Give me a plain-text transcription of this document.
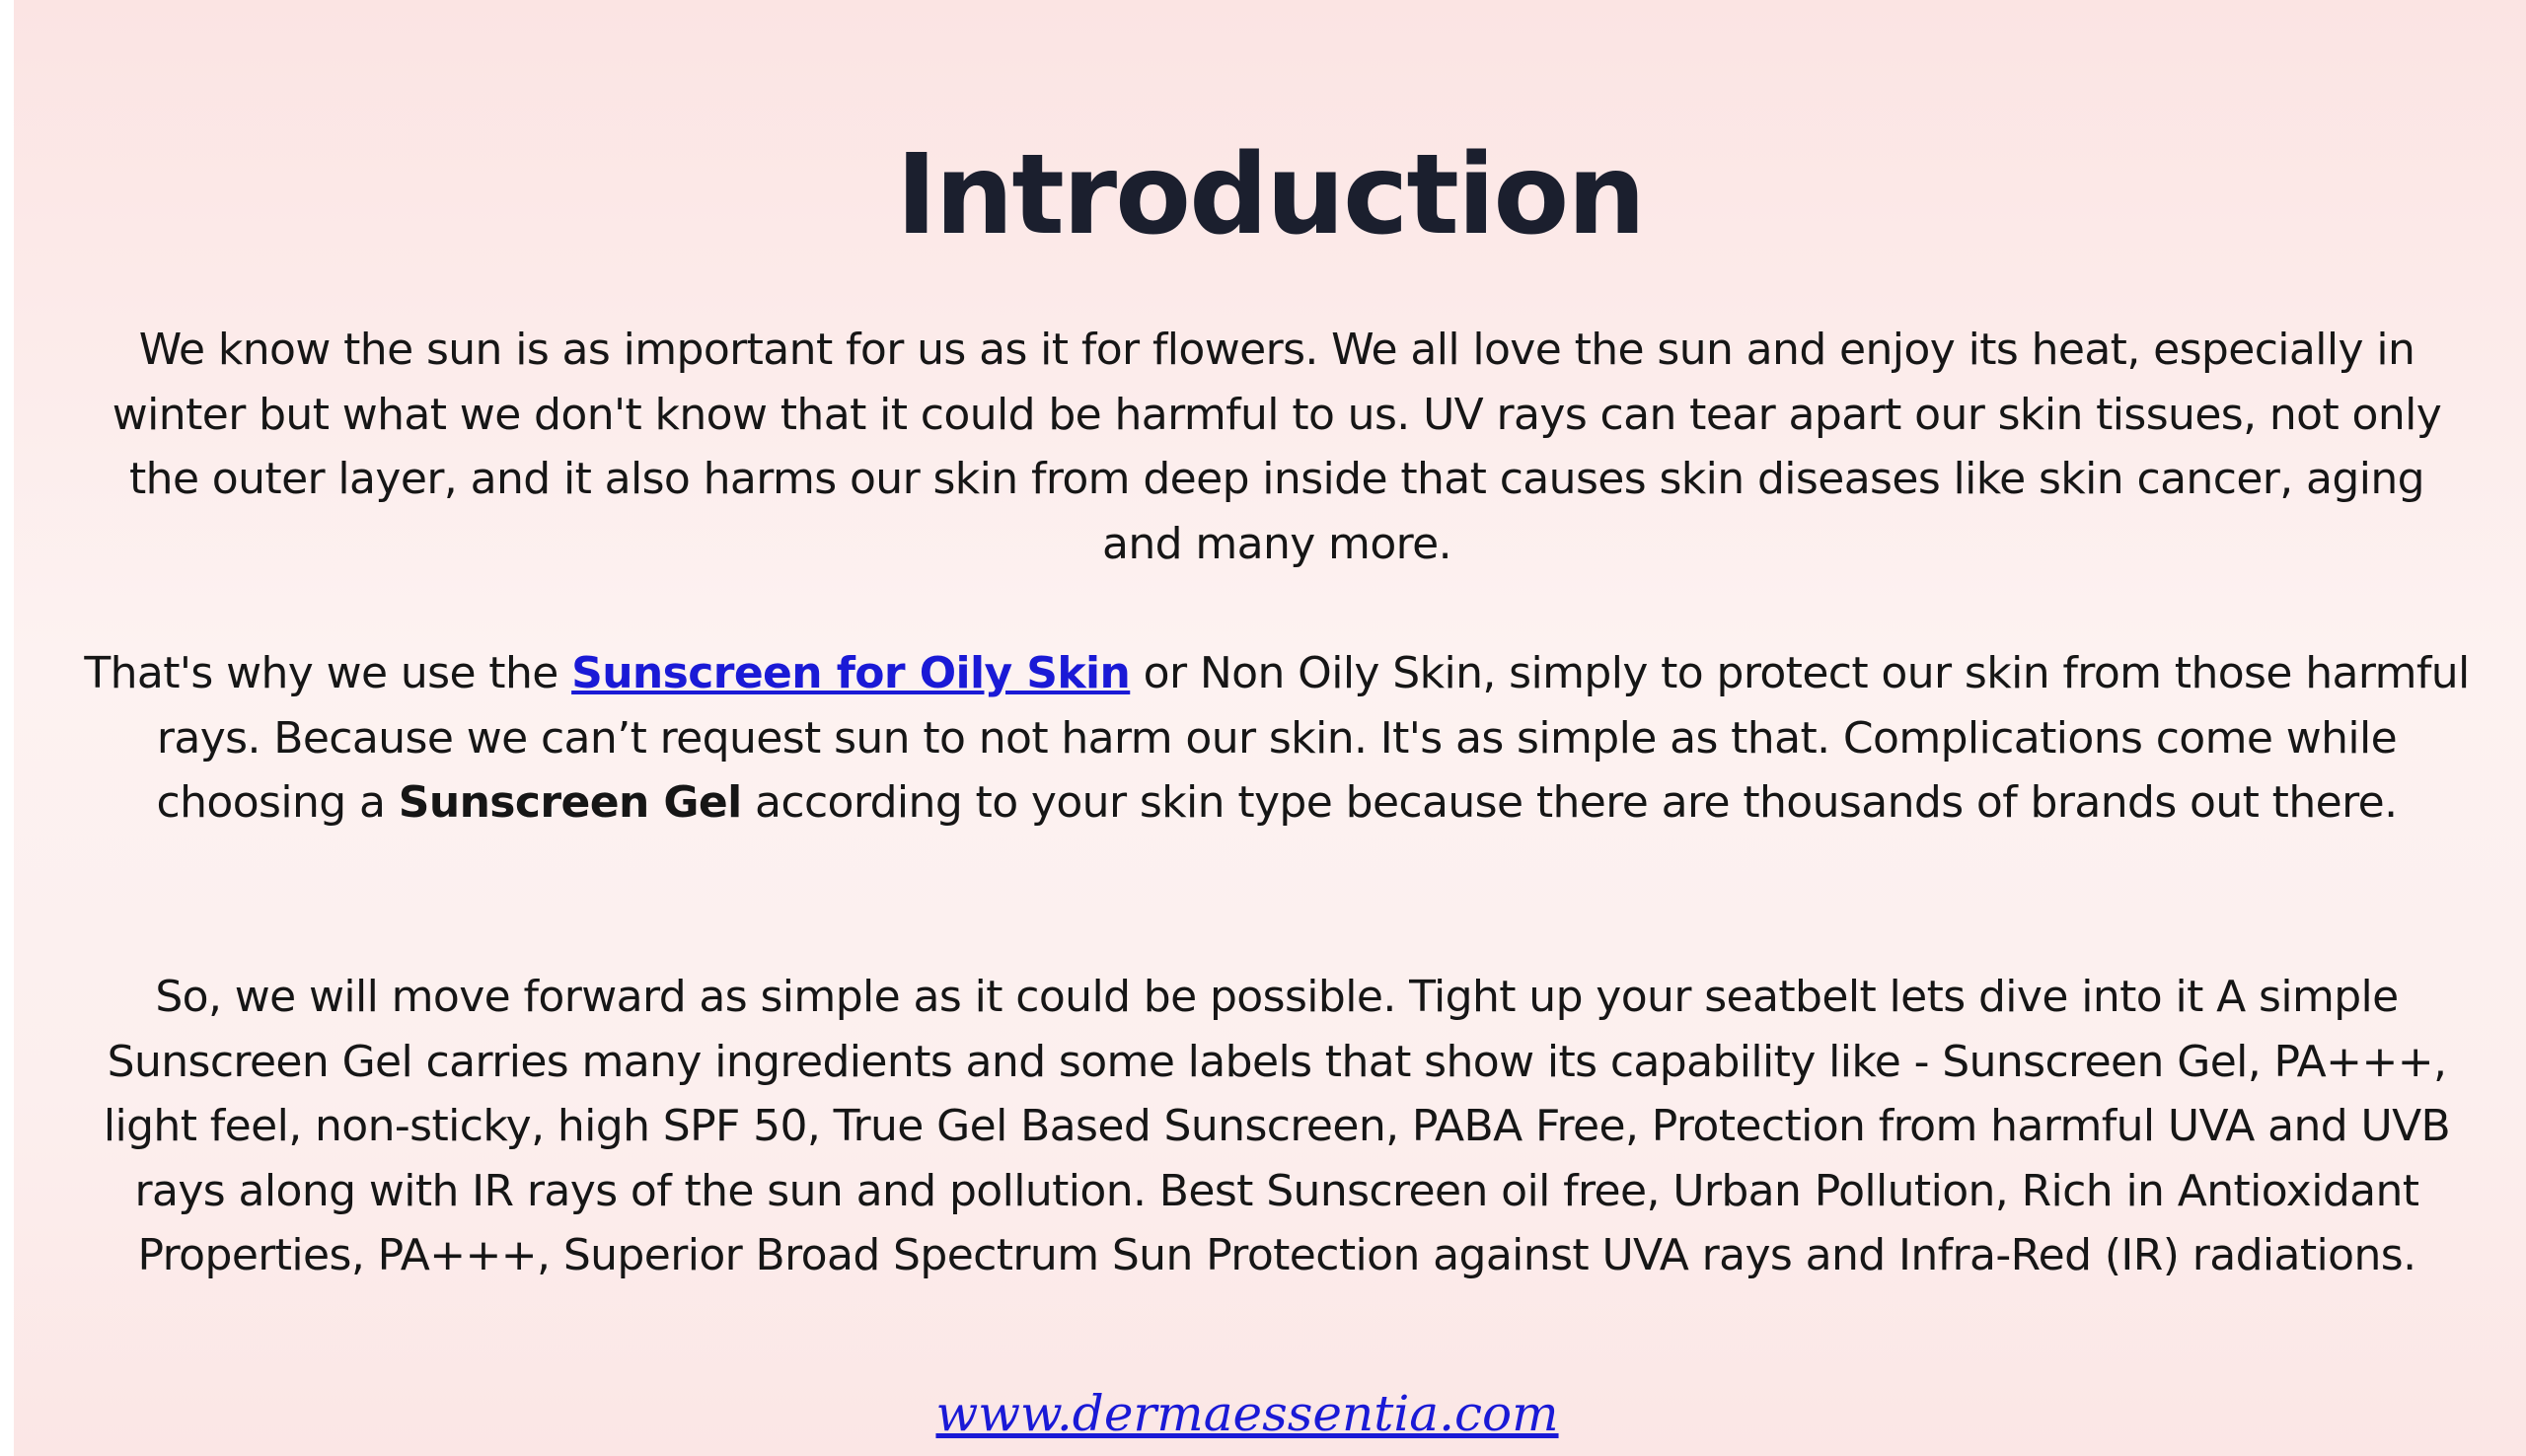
Introduction
We know the sun is as important for us as it for flowers. We all love the sun and enjoy its heat, especially in winter but what we don't know that it could be harmful to us. UV rays can tear apart our skin tissues, not only the outer layer, and it also harms our skin from deep inside that causes skin diseases like skin cancer, aging and many more.
That's why we use the Sunscreen for Oily Skin or Non Oily Skin, simply to protect our skin from those harmful rays. Because we can’t request sun to not harm our skin. It's as simple as that. Complications come while choosing a Sunscreen Gel according to your skin type because there are thousands of brands out there.
So, we will move forward as simple as it could be possible. Tight up your seatbelt lets dive into it A simple Sunscreen Gel carries many ingredients and some labels that show its capability like - Sunscreen Gel, PA+++, light feel, non-sticky, high SPF 50, True Gel Based Sunscreen, PABA Free, Protection from harmful UVA and UVB rays along with IR rays of the sun and pollution. Best Sunscreen oil free, Urban Pollution, Rich in Antioxidant Properties, PA+++, Superior Broad Spectrum Sun Protection against UVA rays and Infra-Red (IR) radiations.
www.dermaessentia.com
